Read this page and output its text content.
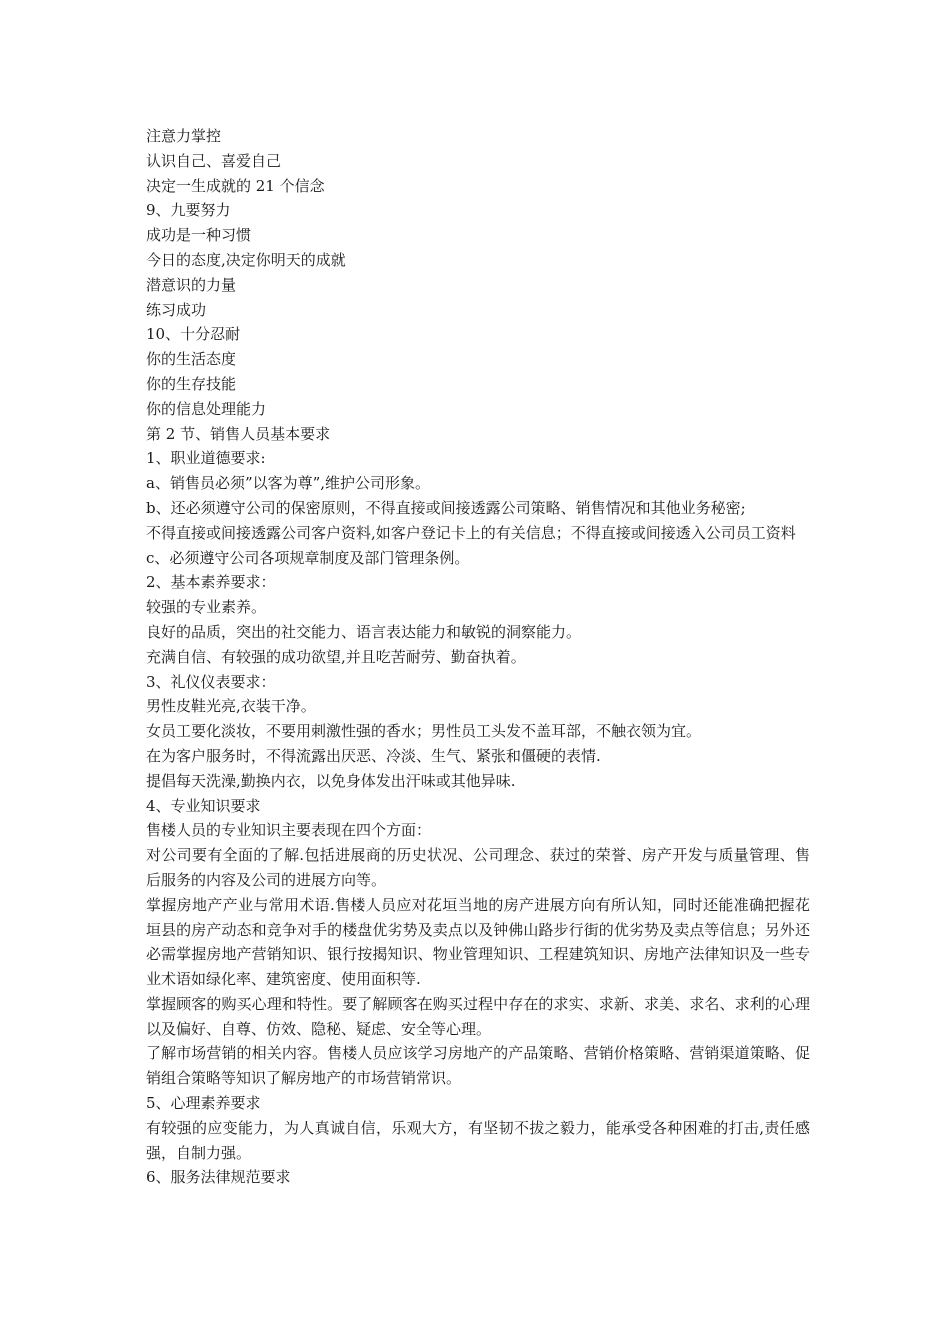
注意力掌控

认识自己、喜爱自己

决定一生成就的 21 个信念

9、九要努力

成功是一种习惯

今日的态度,决定你明天的成就

潜意识的力量

练习成功

10、十分忍耐

你的生活态度

你的生存技能

你的信息处理能力

第 2 节、销售人员基本要求

1、职业道德要求:

a、销售员必须”以客为尊”,维护公司形象。

b、还必须遵守公司的保密原则，不得直接或间接透露公司策略、销售情况和其他业务秘密;

不得直接或间接透露公司客户资料,如客户登记卡上的有关信息；不得直接或间接透入公司员工资料

c、必须遵守公司各项规章制度及部门管理条例。

2、基本素养要求：

较强的专业素养。

良好的品质，突出的社交能力、语言表达能力和敏锐的洞察能力。

充满自信、有较强的成功欲望,并且吃苦耐劳、勤奋执着。

3、礼仪仪表要求：

男性皮鞋光亮,衣装干净。

女员工要化淡妆，不要用刺激性强的香水；男性员工头发不盖耳部，不触衣领为宜。

在为客户服务时，不得流露出厌恶、冷淡、生气、紧张和僵硬的表情.

提倡每天洗澡,勤换内衣，以免身体发出汗味或其他异味.

4、专业知识要求

售楼人员的专业知识主要表现在四个方面：

对公司要有全面的了解.包括进展商的历史状况、公司理念、获过的荣誉、房产开发与质量管理、售后服务的内容及公司的进展方向等。

掌握房地产产业与常用术语.售楼人员应对花垣当地的房产进展方向有所认知，同时还能准确把握花垣县的房产动态和竞争对手的楼盘优劣势及卖点以及钟佛山路步行街的优劣势及卖点等信息；另外还必需掌握房地产营销知识、银行按揭知识、物业管理知识、工程建筑知识、房地产法律知识及一些专业术语如绿化率、建筑密度、使用面积等.

掌握顾客的购买心理和特性。要了解顾客在购买过程中存在的求实、求新、求美、求名、求利的心理以及偏好、自尊、仿效、隐秘、疑虑、安全等心理。

了解市场营销的相关内容。售楼人员应该学习房地产的产品策略、营销价格策略、营销渠道策略、促销组合策略等知识了解房地产的市场营销常识。

5、心理素养要求

有较强的应变能力，为人真诚自信，乐观大方，有坚韧不拔之毅力，能承受各种困难的打击,责任感强，自制力强。

6、服务法律规范要求
